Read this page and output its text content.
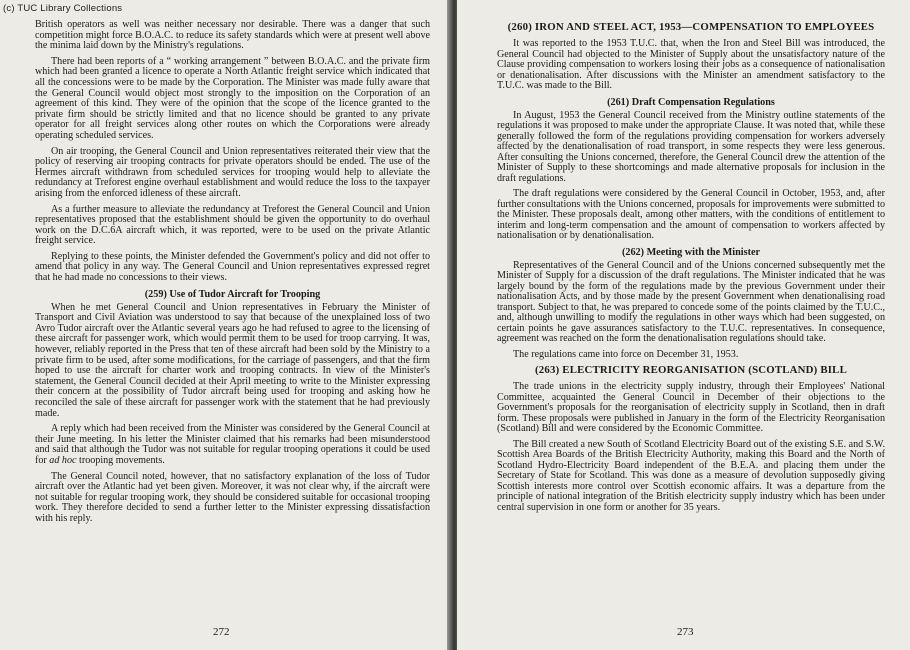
(c) TUC Library Collections

British operators as well was neither necessary nor desirable. There was a danger that such competition might force B.O.A.C. to reduce its safety standards which were at present well above the minima laid down by the Ministry's regulations.

There had been reports of a “ working arrangement ” between B.O.A.C. and the private firm which had been granted a licence to operate a North Atlantic freight service which indicated that all the concessions were to be made by the Corporation. The Minister was made fully aware that the General Council would object most strongly to the imposition on the Corporation of an agreement of this kind. They were of the opinion that the scope of the licence granted to the private firm should be strictly limited and that no licence should be granted to any private operator for all freight services along other routes on which the Corporations were already operating scheduled services.

On air trooping, the General Council and Union representatives reiterated their view that the policy of reserving air trooping contracts for private operators should be ended. The use of the Hermes aircraft withdrawn from scheduled services for trooping would help to alleviate the redundancy at Treforest engine overhaul establishment and would reduce the loss to the taxpayer arising from the enforced idleness of these aircraft.

As a further measure to alleviate the redundancy at Treforest the General Council and Union representatives proposed that the establishment should be given the opportunity to do overhaul work on the D.C.6A aircraft which, it was reported, were to be used on the private Atlantic freight service.

Replying to these points, the Minister defended the Government's policy and did not offer to amend that policy in any way. The General Council and Union representatives expressed regret that he had made no concessions to their views.

(259) Use of Tudor Aircraft for Trooping

When he met General Council and Union representatives in February the Minister of Transport and Civil Aviation was understood to say that because of the unexplained loss of two Avro Tudor aircraft over the Atlantic several years ago he had refused to agree to the licensing of these aircraft for passenger work, which would permit them to be used for troop carrying. It was, however, reliably reported in the Press that ten of these aircraft had been sold by the Ministry to a private firm to be used, after some modifications, for the carriage of passengers, and that the firm hoped to use the aircraft for charter work and trooping contracts. In view of the Minister's statement, the General Council decided at their April meeting to write to the Minister expressing their concern at the possibility of Tudor aircraft being used for trooping and asking how he reconciled the sale of these aircraft for passenger work with the statement that he had previously made.

A reply which had been received from the Minister was considered by the General Council at their June meeting. In his letter the Minister claimed that his remarks had been misunderstood and said that although the Tudor was not suitable for regular trooping operations it could be used for ad hoc trooping movements.

The General Council noted, however, that no satisfactory explanation of the loss of Tudor aircraft over the Atlantic had yet been given. Moreover, it was not clear why, if the aircraft were not suitable for regular trooping work, they should be considered suitable for occasional trooping work. They therefore decided to send a further letter to the Minister expressing dissatisfaction with his reply.

272
(260) IRON AND STEEL ACT, 1953—COMPENSATION TO EMPLOYEES

It was reported to the 1953 T.U.C. that, when the Iron and Steel Bill was introduced, the General Council had objected to the Minister of Supply about the unsatisfactory nature of the Clause providing compensation to workers losing their jobs as a consequence of nationalisation or denationalisation. After discussions with the Minister an amendment satisfactory to the T.U.C. was made to the Bill.

(261) Draft Compensation Regulations

In August, 1953 the General Council received from the Ministry outline statements of the regulations it was proposed to make under the appropriate Clause. It was noted that, while these generally followed the form of the regulations providing compensation for workers adversely affected by the denationalisation of road transport, in some respects they were less generous. After consulting the Unions concerned, therefore, the General Council drew the attention of the Minister of Supply to these shortcomings and made alternative proposals for inclusion in the draft regulations.

The draft regulations were considered by the General Council in October, 1953, and, after further consultations with the Unions concerned, proposals for improvements were submitted to the Minister. These proposals dealt, among other matters, with the conditions of entitlement to interim and long-term compensation and the amount of compensation to workers affected by nationalisation or by denationalisation.

(262) Meeting with the Minister

Representatives of the General Council and of the Unions concerned subsequently met the Minister of Supply for a discussion of the draft regulations. The Minister indicated that he was largely bound by the form of the regulations made by the previous Government under their nationalisation Acts, and by those made by the present Government when denationalising road transport. Subject to that, he was prepared to concede some of the points claimed by the T.U.C., and, although unwilling to modify the regulations in other ways which had been suggested, on certain points he gave assurances satisfactory to the T.U.C. representatives. In consequence, agreement was reached on the form the denationalisation regulations should take.

The regulations came into force on December 31, 1953.

(263) ELECTRICITY REORGANISATION (SCOTLAND) BILL

The trade unions in the electricity supply industry, through their Employees' National Committee, acquainted the General Council in December of their objections to the Government's proposals for the reorganisation of electricity supply in Scotland, then in draft form. These proposals were published in January in the form of the Electricity Reorganisation (Scotland) Bill and were considered by the Economic Committee.

The Bill created a new South of Scotland Electricity Board out of the existing S.E. and S.W. Scottish Area Boards of the British Electricity Authority, making this Board and the North of Scotland Hydro-Electricity Board independent of the B.E.A. and placing them under the Secretary of State for Scotland. This was done as a measure of devolution supposedly giving Scottish interests more control over Scottish economic affairs. It was a departure from the principle of national integration of the British electricity supply industry which has been under central supervision in one form or another for 35 years.

273
